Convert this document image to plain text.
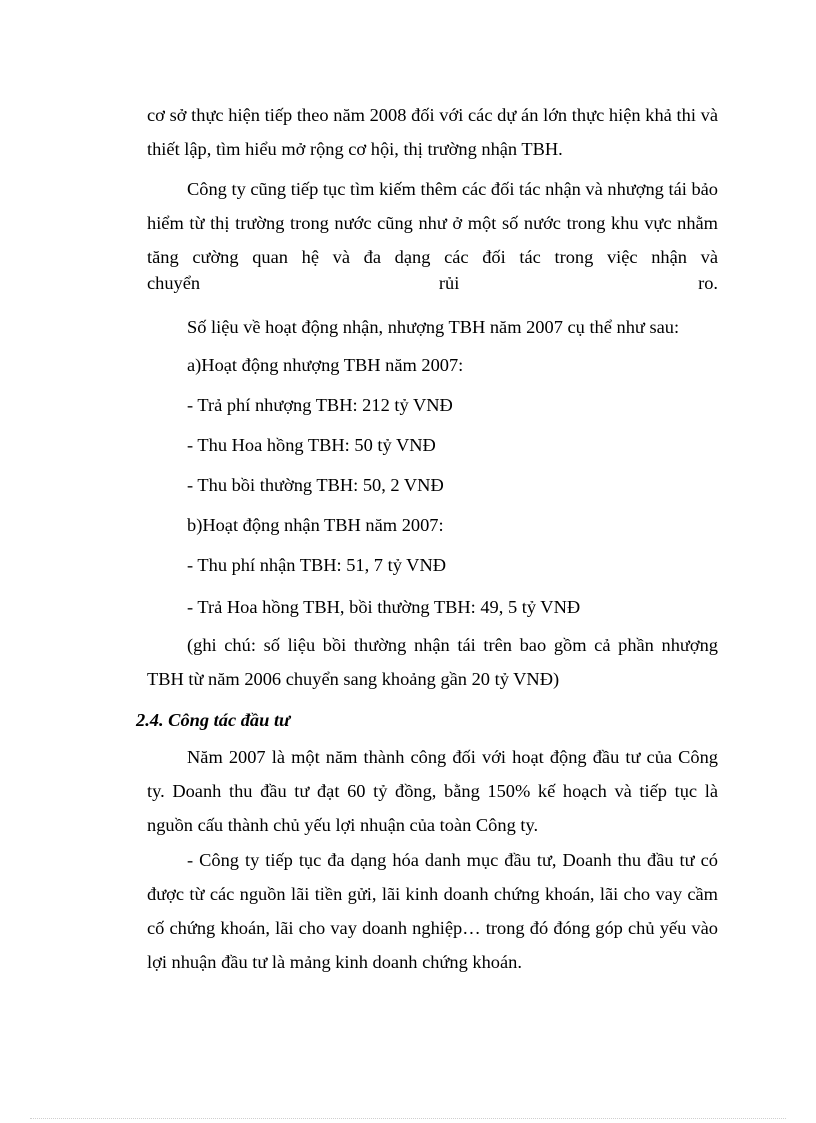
cơ sở thực hiện tiếp theo năm 2008 đối với các dự án lớn thực hiện khả thi và thiết lập, tìm hiểu mở rộng cơ hội, thị trường nhận TBH.

Công ty cũng tiếp tục tìm kiếm thêm các đối tác nhận và nhượng tái bảo hiểm từ thị trường trong nước cũng như ở một số nước trong khu vực nhằm tăng cường quan hệ và đa dạng các đối tác trong việc nhận và

chuyển	rủi	ro.

Số liệu về hoạt động nhận, nhượng TBH năm 2007 cụ thể như sau:

a)Hoạt động nhượng TBH năm 2007:

- Trả phí nhượng TBH: 212 tỷ VNĐ

- Thu Hoa hồng TBH: 50 tỷ VNĐ

- Thu bồi thường TBH: 50, 2 VNĐ

b)Hoạt động nhận TBH năm 2007:

- Thu phí nhận TBH: 51, 7 tỷ VNĐ

- Trả Hoa hồng TBH, bồi thường TBH: 49, 5 tỷ VNĐ

(ghi chú: số liệu bồi thường nhận tái trên bao gồm cả phần nhượng TBH từ năm 2006 chuyển sang khoảng gần 20 tỷ VNĐ)

2.4. Công tác đầu tư

Năm 2007 là một năm thành công đối với hoạt động đầu tư của Công ty. Doanh thu đầu tư đạt 60 tỷ đồng, bằng 150% kế hoạch và tiếp tục là nguồn cấu thành chủ yếu lợi nhuận của toàn Công ty.

- Công ty tiếp tục đa dạng hóa danh mục đầu tư, Doanh thu đầu tư có được từ các nguồn lãi tiền gửi, lãi kinh doanh chứng khoán, lãi cho vay cầm cố chứng khoán, lãi cho vay doanh nghiệp… trong đó đóng góp chủ yếu vào lợi nhuận đầu tư là mảng kinh doanh chứng khoán.
